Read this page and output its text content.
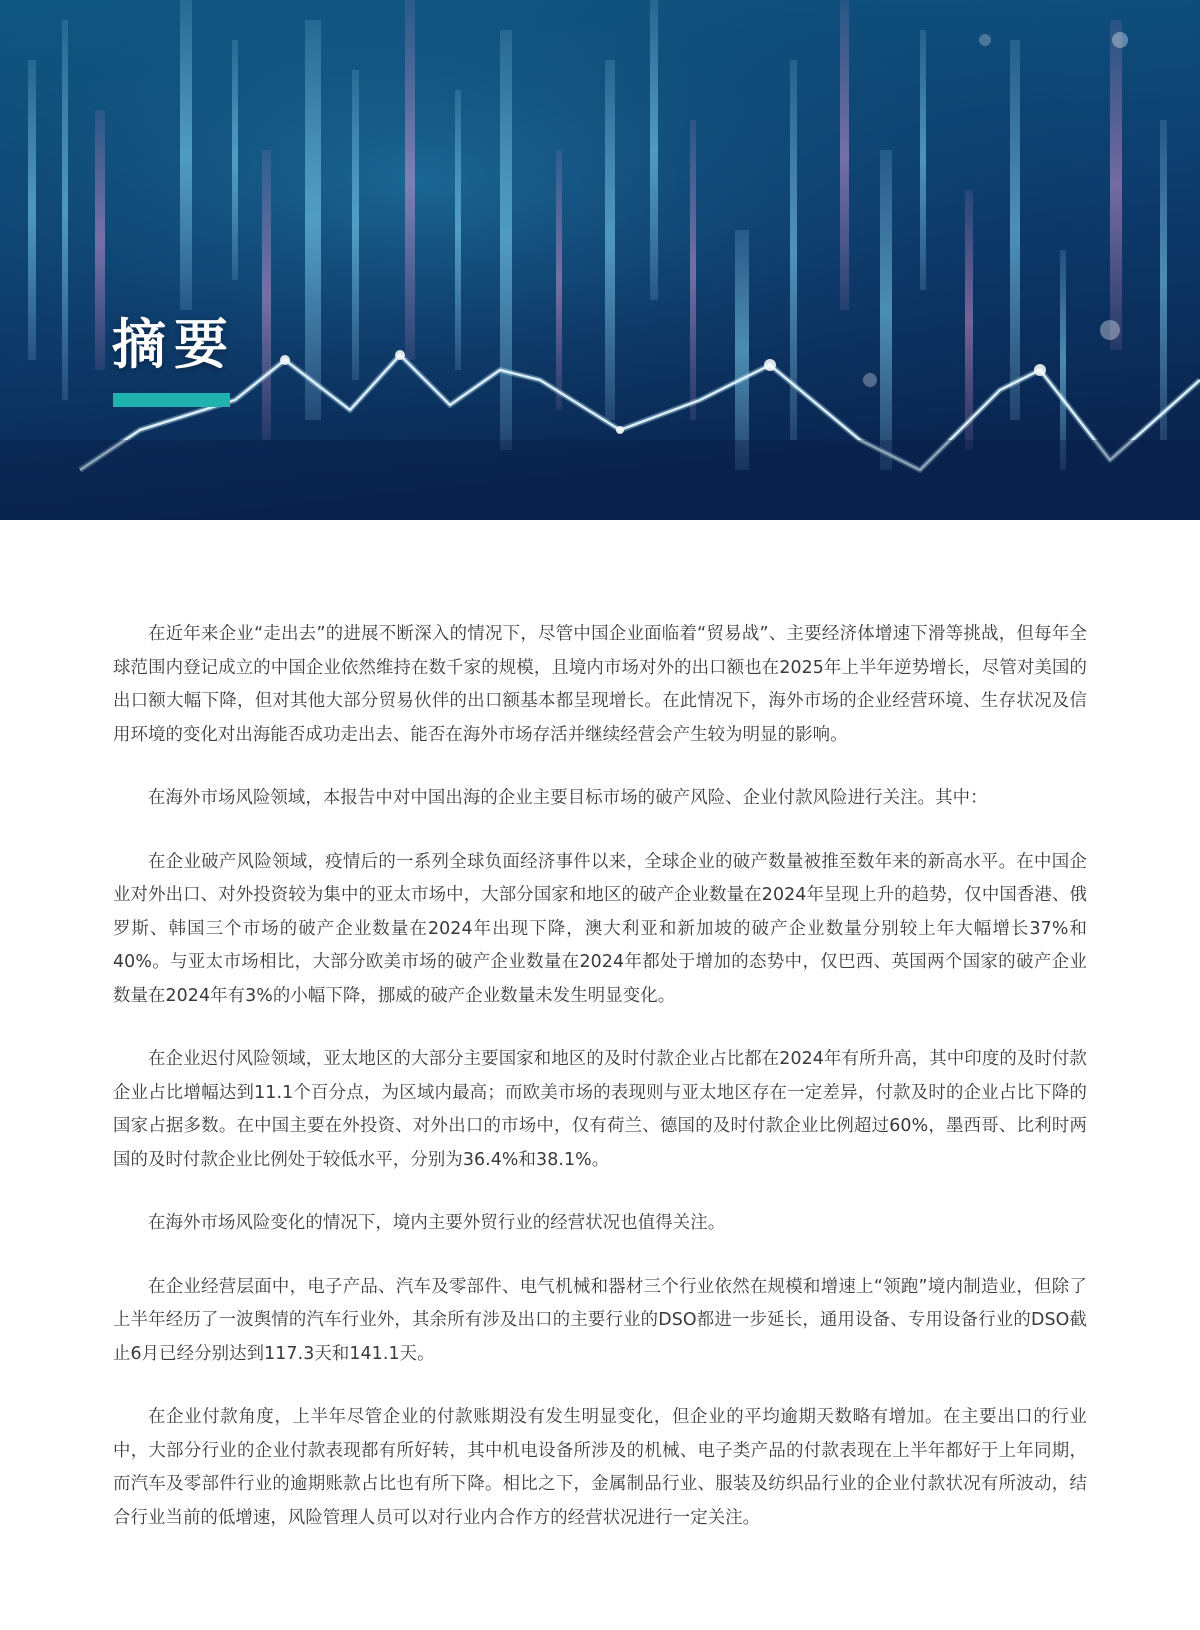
摘要

在近年来企业“走出去”的进展不断深入的情况下，尽管中国企业面临着“贸易战”、主要经济体增速下滑等挑战，但每年全球范围内登记成立的中国企业依然维持在数千家的规模，且境内市场对外的出口额也在2025年上半年逆势增长，尽管对美国的出口额大幅下降，但对其他大部分贸易伙伴的出口额基本都呈现增长。在此情况下，海外市场的企业经营环境、生存状况及信用环境的变化对出海能否成功走出去、能否在海外市场存活并继续经营会产生较为明显的影响。

在海外市场风险领域，本报告中对中国出海的企业主要目标市场的破产风险、企业付款风险进行关注。其中：

在企业破产风险领域，疫情后的一系列全球负面经济事件以来，全球企业的破产数量被推至数年来的新高水平。在中国企业对外出口、对外投资较为集中的亚太市场中，大部分国家和地区的破产企业数量在2024年呈现上升的趋势，仅中国香港、俄罗斯、韩国三个市场的破产企业数量在2024年出现下降，澳大利亚和新加坡的破产企业数量分别较上年大幅增长37%和40%。与亚太市场相比，大部分欧美市场的破产企业数量在2024年都处于增加的态势中，仅巴西、英国两个国家的破产企业数量在2024年有3%的小幅下降，挪威的破产企业数量未发生明显变化。

在企业迟付风险领域，亚太地区的大部分主要国家和地区的及时付款企业占比都在2024年有所升高，其中印度的及时付款企业占比增幅达到11.1个百分点，为区域内最高；而欧美市场的表现则与亚太地区存在一定差异，付款及时的企业占比下降的国家占据多数。在中国主要在外投资、对外出口的市场中，仅有荷兰、德国的及时付款企业比例超过60%，墨西哥、比利时两国的及时付款企业比例处于较低水平，分别为36.4%和38.1%。

在海外市场风险变化的情况下，境内主要外贸行业的经营状况也值得关注。

在企业经营层面中，电子产品、汽车及零部件、电气机械和器材三个行业依然在规模和增速上“领跑”境内制造业，但除了上半年经历了一波舆情的汽车行业外，其余所有涉及出口的主要行业的DSO都进一步延长，通用设备、专用设备行业的DSO截止6月已经分别达到117.3天和141.1天。

在企业付款角度，上半年尽管企业的付款账期没有发生明显变化，但企业的平均逾期天数略有增加。在主要出口的行业中，大部分行业的企业付款表现都有所好转，其中机电设备所涉及的机械、电子类产品的付款表现在上半年都好于上年同期，而汽车及零部件行业的逾期账款占比也有所下降。相比之下，金属制品行业、服装及纺织品行业的企业付款状况有所波动，结合行业当前的低增速，风险管理人员可以对行业内合作方的经营状况进行一定关注。
